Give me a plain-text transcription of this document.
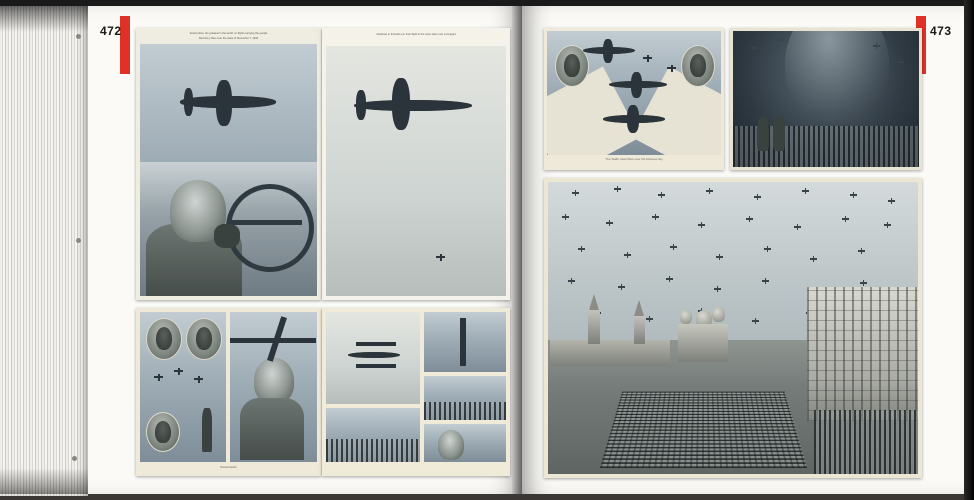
472	Soviet pilots, the greatest in the world, on flights carrying the people
Red Army fliers over the skies of November 7, 1934
Airplanes in formation on their flight to the outer skies over Leningrad
Parachutists
473
The Stalin route fliers over the Moscow sky
